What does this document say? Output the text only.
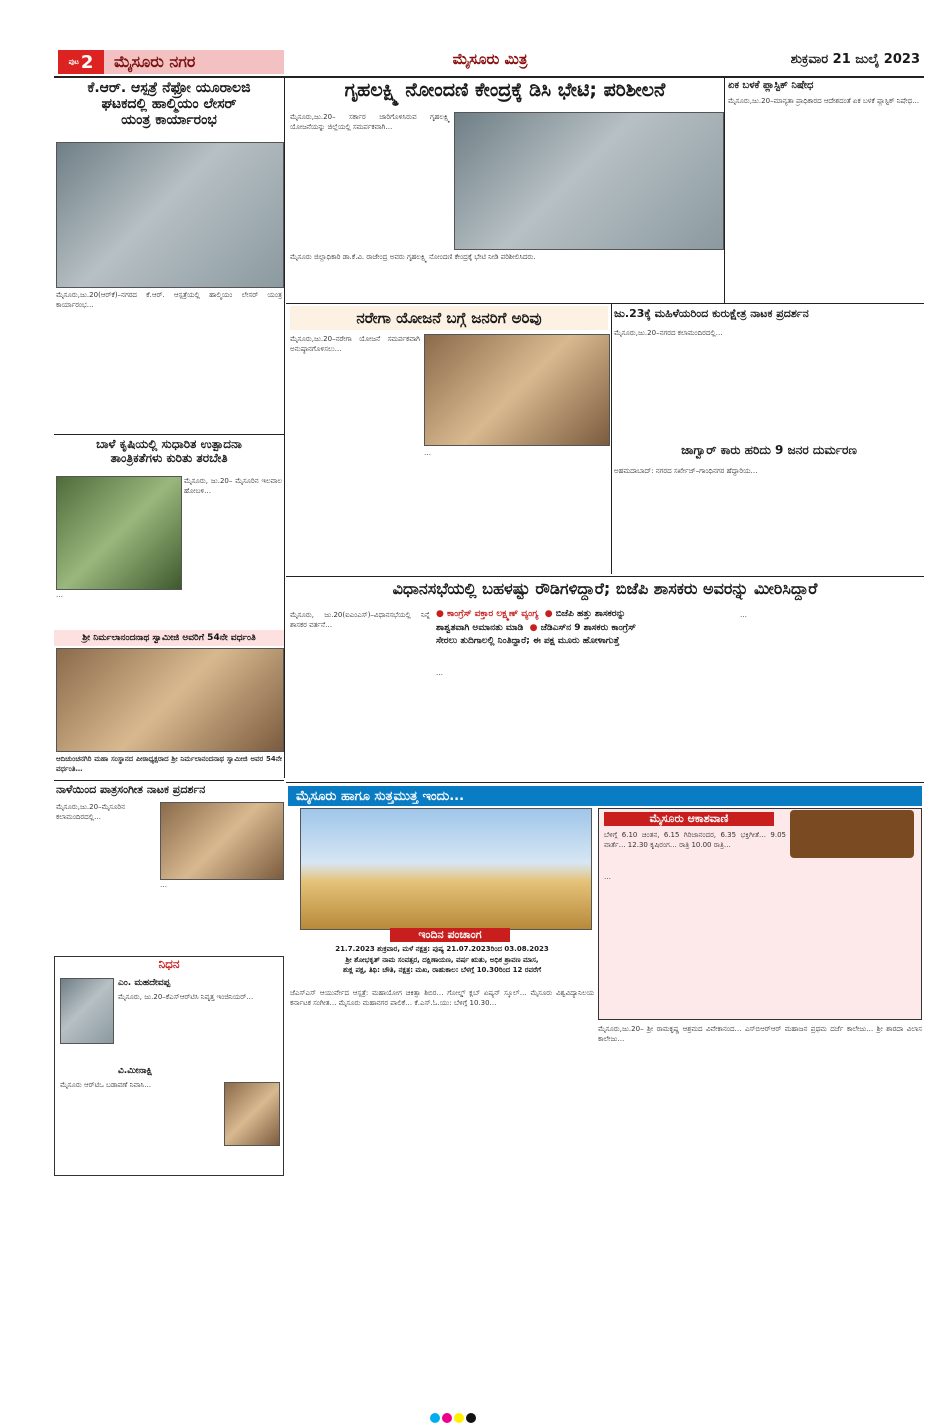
ಪುಟ 2	ಮೈಸೂರು ನಗರ	ಮೈಸೂರು ಮಿತ್ರ	ಶುಕ್ರವಾರ 21 ಜುಲೈ 2023
ಕೆ.ಆರ್. ಆಸ್ಪತ್ರೆ ನೆಫ್ರೋ ಯೂರಾಲಜಿ
ಘಟಕದಲ್ಲಿ ಹಾಲ್ಮಿಯಂ ಲೇಸರ್
ಯಂತ್ರ ಕಾರ್ಯಾರಂಭ
ಮೈಸೂರು,ಜು.20(ಆರ್‌ಕೆ)–ನಗರದ ಕೆ.ಆರ್. ಆಸ್ಪತ್ರೆಯಲ್ಲಿ ಹಾಲ್ಮಿಯಂ ಲೇಸರ್ ಯಂತ್ರ ಕಾರ್ಯಾರಂಭ…
ಬಾಳೆ ಕೃಷಿಯಲ್ಲಿ ಸುಧಾರಿತ ಉತ್ಪಾದನಾ
ತಾಂತ್ರಿಕತೆಗಳು ಕುರಿತು ತರಬೇತಿ
ಮೈಸೂರು, ಜು.20– ಮೈಸೂರಿನ ಇಲವಾಲ ಹೋಬಳಿ…
…
ಶ್ರೀ ನಿರ್ಮಲಾನಂದನಾಥ ಸ್ವಾಮೀಜಿ ಅವರಿಗೆ 54ನೇ ವರ್ಧಂತಿ
ಆದಿಚುಂಚನಗಿರಿ ಮಹಾ ಸಂಸ್ಥಾನದ ಪೀಠಾಧ್ಯಕ್ಷರಾದ ಶ್ರೀ ನಿರ್ಮಲಾನಂದನಾಥ ಸ್ವಾಮೀಜಿ ಅವರ 54ನೇ ವರ್ಧಂತಿ…
ನಾಳೆಯಿಂದ ಪಾತ್ರಸಂಗೀತ ನಾಟಕ ಪ್ರದರ್ಶನ
ಮೈಸೂರು,ಜು.20–ಮೈಸೂರಿನ ಕಲಾಮಂದಿರದಲ್ಲಿ…
…
ನಿಧನ
ಎಂ. ಮಹದೇವಪ್ಪ
ಮೈಸೂರು, ಜು.20–ಕೆಎಸ್‌ಆರ್‌ಟಿಸಿ ನಿವೃತ್ತ ಇಂಜಿನಿಯರ್…
ವಿ.ಮೀನಾಕ್ಷಿ
ಮೈಸೂರು ಆರ್‌ಟಿಒ ಬಡಾವಣೆ ನಿವಾಸಿ…
ಗೃಹಲಕ್ಷ್ಮಿ ನೋಂದಣಿ ಕೇಂದ್ರಕ್ಕೆ ಡಿಸಿ ಭೇಟಿ; ಪರಿಶೀಲನೆ
ಮೈಸೂರು,ಜು.20– ಸರ್ಕಾರ ಜಾರಿಗೊಳಿಸಿರುವ ಗೃಹಲಕ್ಷ್ಮಿ ಯೋಜನೆಯನ್ನು ಜಿಲ್ಲೆಯಲ್ಲಿ ಸಮರ್ಪಕವಾಗಿ…
ಮೈಸೂರು ಜಿಲ್ಲಾಧಿಕಾರಿ ಡಾ.ಕೆ.ವಿ. ರಾಜೇಂದ್ರ ಅವರು ಗೃಹಲಕ್ಷ್ಮಿ ನೋಂದಣಿ ಕೇಂದ್ರಕ್ಕೆ ಭೇಟಿ ನೀಡಿ ಪರಿಶೀಲಿಸಿದರು.
ಏಕ ಬಳಕೆ ಪ್ಲಾಸ್ಟಿಕ್ ನಿಷೇಧ
ಮೈಸೂರು,ಜು.20–ಮಾನ್ಯತಾ ಪ್ರಾಧಿಕಾರದ ಆದೇಶದಂತೆ ಏಕ ಬಳಕೆ ಪ್ಲಾಸ್ಟಿಕ್ ನಿಷೇಧ…
ನರೇಗಾ ಯೋಜನೆ ಬಗ್ಗೆ ಜನರಿಗೆ ಅರಿವು
ಮೈಸೂರು,ಜು.20–ನರೇಗಾ ಯೋಜನೆ ಸಮರ್ಪಕವಾಗಿ ಅನುಷ್ಠಾನಗೊಳಿಸಲು…
…
ಜು.23ಕ್ಕೆ ಮಹಿಳೆಯರಿಂದ ಕುರುಕ್ಷೇತ್ರ ನಾಟಕ ಪ್ರದರ್ಶನ
ಮೈಸೂರು,ಜು.20–ನಗರದ ಕಲಾಮಂದಿರದಲ್ಲಿ…
ಜಾಗ್ವಾರ್ ಕಾರು ಹರಿದು 9 ಜನರ ದುರ್ಮರಣ
ಅಹಮದಾಬಾದ್: ನಗರದ ಸರ್ಖೇಜ್–ಗಾಂಧಿನಗರ ಹೆದ್ದಾರಿಯ…
ವಿಧಾನಸಭೆಯಲ್ಲಿ ಬಹಳಷ್ಟು ರೌಡಿಗಳಿದ್ದಾರೆ; ಬಿಜೆಪಿ ಶಾಸಕರು ಅವರನ್ನು ಮೀರಿಸಿದ್ದಾರೆ
ಮೈಸೂರು, ಜು.20(ಐಎಂಎಸ್)–ವಿಧಾನಸಭೆಯಲ್ಲಿ ನಿನ್ನೆ ಶಾಸಕರ ವರ್ತನೆ…
● ಕಾಂಗ್ರೆಸ್ ವಕ್ತಾರ ಲಕ್ಷ್ಮಣ್ ವ್ಯಂಗ್ಯ ● ಬಿಜೆಪಿ ಹತ್ತು ಶಾಸಕರನ್ನು
ಶಾಶ್ವತವಾಗಿ ಅಮಾನತು ಮಾಡಿ ● ಜೆಡಿಎಸ್‌ನ 9 ಶಾಸಕರು ಕಾಂಗ್ರೆಸ್
ಸೇರಲು ತುದಿಗಾಲಲ್ಲಿ ನಿಂತಿದ್ದಾರೆ; ಈ ಪಕ್ಷ ಮೂರು ಹೋಳಾಗುತ್ತೆ
…
…
ಮೈಸೂರು ಹಾಗೂ ಸುತ್ತಮುತ್ತ ಇಂದು...
ಇಂದಿನ ಪಂಚಾಂಗ
21.7.2023 ಶುಕ್ರವಾರ, ಮಳೆ ನಕ್ಷತ್ರ: ಪುಷ್ಯ 21.07.2023ರಿಂದ 03.08.2023
ಶ್ರೀ ಶೋಭಕೃತ್ ನಾಮ ಸಂವತ್ಸರ, ದಕ್ಷಿಣಾಯಣ, ವರ್ಷ ಋತು, ಅಧಿಕ ಶ್ರಾವಣ ಮಾಸ,
ಶುಕ್ಲ ಪಕ್ಷ, ತಿಥಿ: ಚೌತಿ, ನಕ್ಷತ್ರ: ಮಖ, ರಾಹುಕಾಲ: ಬೆಳಗ್ಗೆ 10.30ರಿಂದ 12 ರವರೆಗೆ
ಜೆಎಸ್‌ಎಸ್ ಆಯುರ್ವೇದ ಆಸ್ಪತ್ರೆ: ಮಹಾಯೋಗ ಚಿಕಿತ್ಸಾ ಶಿಬಿರ… ಗೋಲ್ಡ್ ಕ್ಲಬ್ ಏಷ್ಯನ್ ಸ್ಕೂಲ್… ಮೈಸೂರು ವಿಶ್ವವಿದ್ಯಾನಿಲಯ ಕರ್ನಾಟಕ ಸಂಗೀತ… ಮೈಸೂರು ಮಹಾನಗರ ಪಾಲಿಕೆ… ಕೆ.ಎಸ್.ಓ.ಯು: ಬೆಳಿಗ್ಗೆ 10.30…
ಮೈಸೂರು ಆಕಾಶವಾಣಿ
ಬೆಳಿಗ್ಗೆ 6.10 ಚಿಂತನ, 6.15 ಗಿರಿಜಾನಂದರ, 6.35 ಭಕ್ತಿಗೀತೆ… 9.05 ವಾರ್ತೆ… 12.30 ಕೃಷಿರಂಗ… ರಾತ್ರಿ 10.00 ರಾತ್ರಿ…
…
ಮೈಸೂರು,ಜು.20– ಶ್ರೀ ರಾಮಕೃಷ್ಣ ಆಶ್ರಮದ ವಿವೇಕಾನಂದ… ಎಸ್‌ಬಿಆರ್‌ಆರ್ ಮಹಾಜನ ಪ್ರಥಮ ದರ್ಜೆ ಕಾಲೇಜು… ಶ್ರೀ ಶಾರದಾ ವಿಲಾಸ ಕಾಲೇಜು…
